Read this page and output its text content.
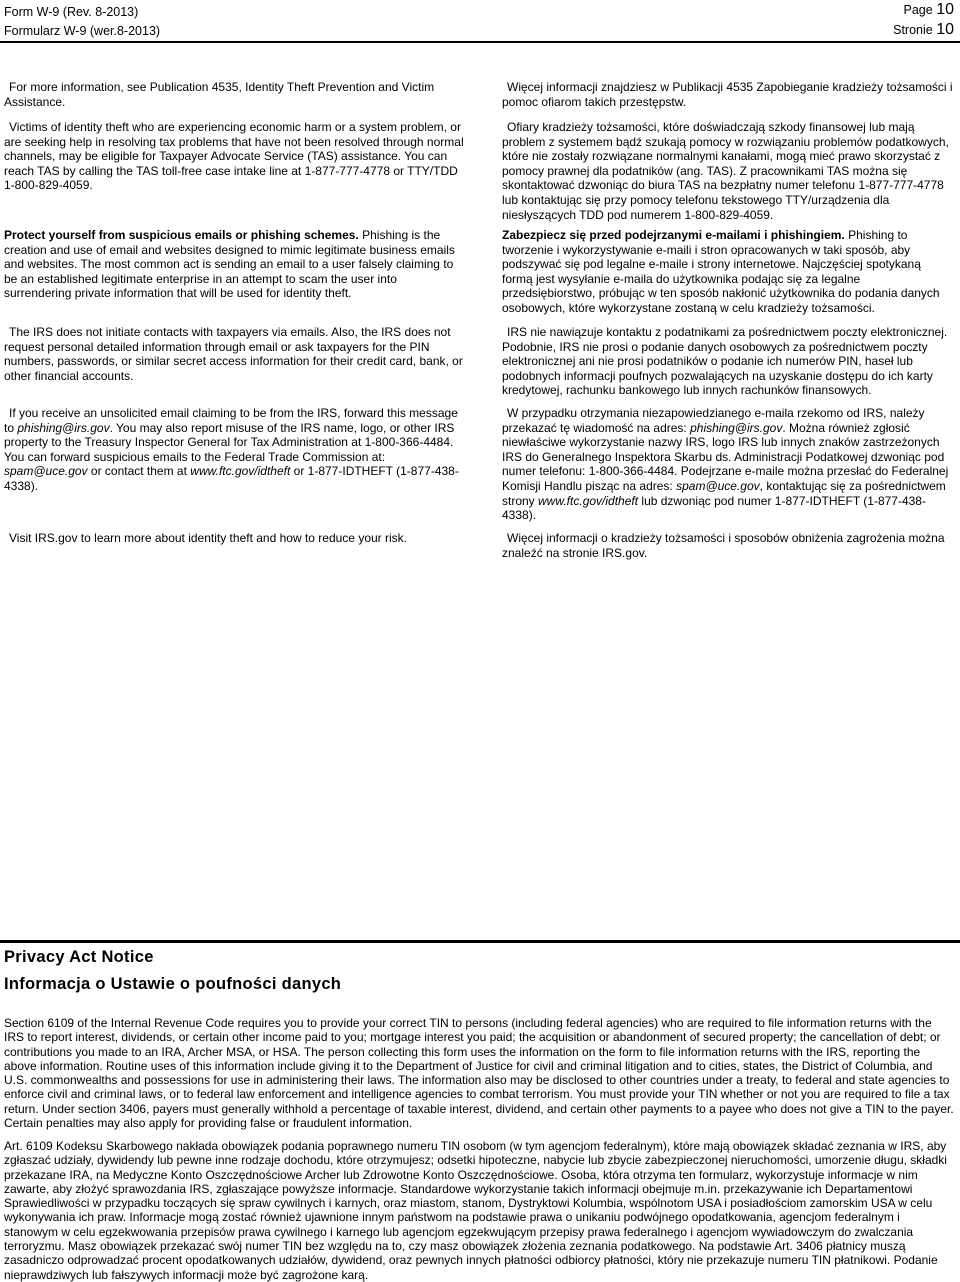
Form W-9 (Rev. 8-2013)
Formularz W-9 (wer.8-2013)
Page 10
Stronie 10

For more information, see Publication 4535, Identity Theft Prevention and Victim Assistance.

Victims of identity theft who are experiencing economic harm or a system problem, or are seeking help in resolving tax problems that have not been resolved through normal channels, may be eligible for Taxpayer Advocate Service (TAS) assistance. You can reach TAS by calling the TAS toll-free case intake line at 1-877-777-4778 or TTY/TDD 1-800-829-4059.

Protect yourself from suspicious emails or phishing schemes. Phishing is the creation and use of email and websites designed to mimic legitimate business emails and websites. The most common act is sending an email to a user falsely claiming to be an established legitimate enterprise in an attempt to scam the user into surrendering private information that will be used for identity theft.

The IRS does not initiate contacts with taxpayers via emails. Also, the IRS does not request personal detailed information through email or ask taxpayers for the PIN numbers, passwords, or similar secret access information for their credit card, bank, or other financial accounts.

If you receive an unsolicited email claiming to be from the IRS, forward this message to phishing@irs.gov. You may also report misuse of the IRS name, logo, or other IRS property to the Treasury Inspector General for Tax Administration at 1-800-366-4484. You can forward suspicious emails to the Federal Trade Commission at: spam@uce.gov or contact them at www.ftc.gov/idtheft or 1-877-IDTHEFT (1-877-438-4338).

Visit IRS.gov to learn more about identity theft and how to reduce your risk.

Więcej informacji znajdziesz w Publikacji 4535 Zapobieganie kradzieży tożsamości i pomoc ofiarom takich przestępstw.

Ofiary kradzieży tożsamości, które doświadczają szkody finansowej lub mają problem z systemem bądź szukają pomocy w rozwiązaniu problemów podatkowych, które nie zostały rozwiązane normalnymi kanałami, mogą mieć prawo skorzystać z pomocy prawnej dla podatników (ang. TAS). Z pracownikami TAS można się skontaktować dzwoniąc do biura TAS na bezpłatny numer telefonu 1-877-777-4778 lub kontaktując się przy pomocy telefonu tekstowego TTY/urządzenia dla niesłyszących TDD pod numerem 1-800-829-4059.

Zabezpiecz się przed podejrzanymi e-mailami i phishingiem. Phishing to tworzenie i wykorzystywanie e-maili i stron opracowanych w taki sposób, aby podszywać się pod legalne e-maile i strony internetowe. Najczęściej spotykaną formą jest wysyłanie e-maila do użytkownika podając się za legalne przedsiębiorstwo, próbując w ten sposób nakłonić użytkownika do podania danych osobowych, które wykorzystane zostaną w celu kradzieży tożsamości.

IRS nie nawiązuje kontaktu z podatnikami za pośrednictwem poczty elektronicznej. Podobnie, IRS nie prosi o podanie danych osobowych za pośrednictwem poczty elektronicznej ani nie prosi podatników o podanie ich numerów PIN, haseł lub podobnych informacji poufnych pozwalających na uzyskanie dostępu do ich karty kredytowej, rachunku bankowego lub innych rachunków finansowych.

W przypadku otrzymania niezapowiedzianego e-maila rzekomo od IRS, należy przekazać tę wiadomość na adres: phishing@irs.gov. Można również zgłosić niewłaściwe wykorzystanie nazwy IRS, logo IRS lub innych znaków zastrzeżonych IRS do Generalnego Inspektora Skarbu ds. Administracji Podatkowej dzwoniąc pod numer telefonu: 1-800-366-4484. Podejrzane e-maile można przesłać do Federalnej Komisji Handlu pisząc na adres: spam@uce.gov, kontaktując się za pośrednictwem strony www.ftc.gov/idtheft lub dzwoniąc pod numer 1-877-IDTHEFT (1-877-438-4338).

Więcej informacji o kradzieży tożsamości i sposobów obniżenia zagrożenia można znaleźć na stronie IRS.gov.

Privacy Act Notice
Informacja o Ustawie o poufności danych
Section 6109 of the Internal Revenue Code requires you to provide your correct TIN to persons (including federal agencies) who are required to file information returns with the IRS to report interest, dividends, or certain other income paid to you; mortgage interest you paid; the acquisition or abandonment of secured property; the cancellation of debt; or contributions you made to an IRA, Archer MSA, or HSA. The person collecting this form uses the information on the form to file information returns with the IRS, reporting the above information. Routine uses of this information include giving it to the Department of Justice for civil and criminal litigation and to cities, states, the District of Columbia, and U.S. commonwealths and possessions for use in administering their laws. The information also may be disclosed to other countries under a treaty, to federal and state agencies to enforce civil and criminal laws, or to federal law enforcement and intelligence agencies to combat terrorism. You must provide your TIN whether or not you are required to file a tax return. Under section 3406, payers must generally withhold a percentage of taxable interest, dividend, and certain other payments to a payee who does not give a TIN to the payer. Certain penalties may also apply for providing false or fraudulent information.
Art. 6109 Kodeksu Skarbowego nakłada obowiązek podania poprawnego numeru TIN osobom (w tym agencjom federalnym), które mają obowiązek składać zeznania w IRS, aby zgłaszać udziały, dywidendy lub pewne inne rodzaje dochodu, które otrzymujesz; odsetki hipoteczne, nabycie lub zbycie zabezpieczonej nieruchomości, umorzenie długu, składki przekazane IRA, na Medyczne Konto Oszczędnościowe Archer lub Zdrowotne Konto Oszczędnościowe. Osoba, która otrzyma ten formularz, wykorzystuje informacje w nim zawarte, aby złożyć sprawozdania IRS, zgłaszające powyższe informacje. Standardowe wykorzystanie takich informacji obejmuje m.in. przekazywanie ich Departamentowi Sprawiedliwości w przypadku toczących się spraw cywilnych i karnych, oraz miastom, stanom, Dystryktowi Kolumbia, wspólnotom USA i posiadłościom zamorskim USA w celu wykonywania ich praw. Informacje mogą zostać również ujawnione innym państwom na podstawie prawa o unikaniu podwójnego opodatkowania, agencjom federalnym i stanowym w celu egzekwowania przepisów prawa cywilnego i karnego lub agencjom egzekwującym przepisy prawa federalnego i agencjom wywiadowczym do zwalczania terroryzmu. Masz obowiązek przekazać swój numer TIN bez względu na to, czy masz obowiązek złożenia zeznania podatkowego. Na podstawie Art. 3406 płatnicy muszą zasadniczo odprowadzać procent opodatkowanych udziałów, dywidend, oraz pewnych innych płatności odbiorcy płatności, który nie przekazuje numeru TIN płatnikowi. Podanie nieprawdziwych lub fałszywych informacji może być zagrożone karą.
